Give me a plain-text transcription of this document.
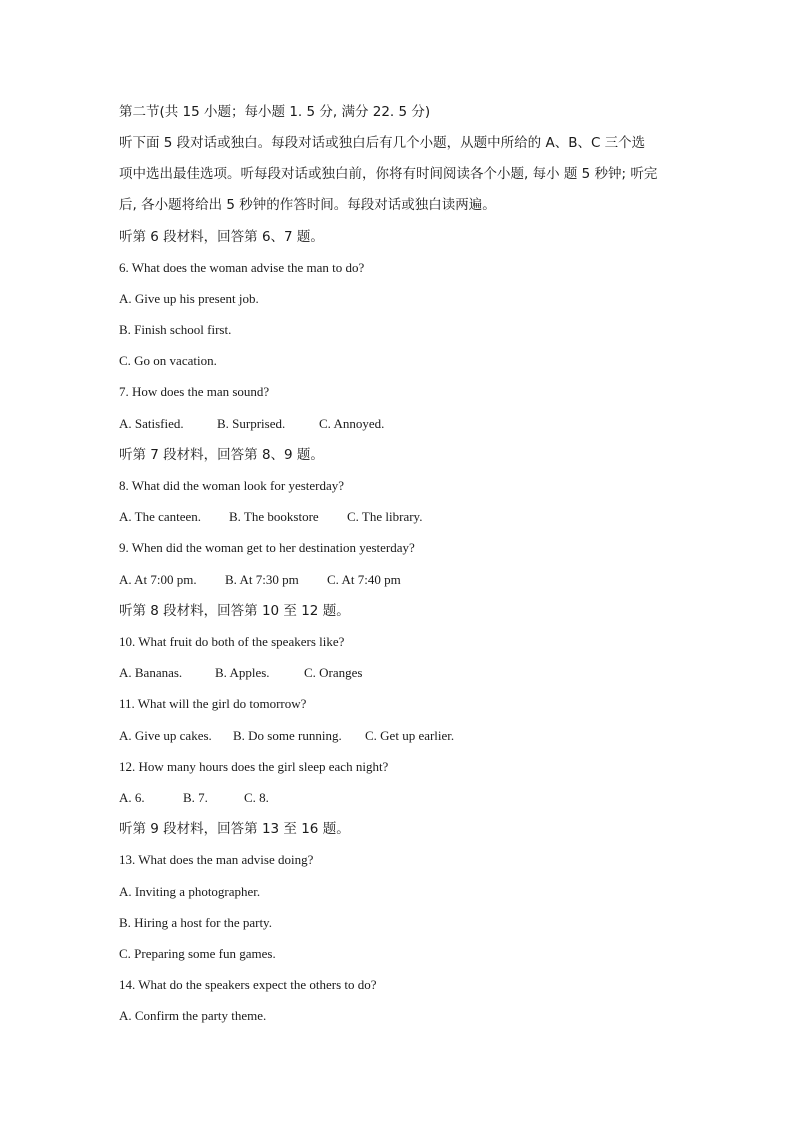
第二节(共 15 小题；每小题 1. 5 分, 满分 22. 5 分)
听下面 5 段对话或独白。每段对话或独白后有几个小题，从题中所给的 A、B、C 三个选
项中选出最佳选项。听每段对话或独白前，你将有时间阅读各个小题, 每小 题 5 秒钟; 听完
后, 各小题将给出 5 秒钟的作答时间。每段对话或独白读两遍。
听第 6 段材料，回答第 6、7 题。
6. What does the woman advise the man to do?
A. Give up his present job.
B. Finish school first.
C. Go on vacation.
7. How does the man sound?
A. Satisfied.	B. Surprised.	C. Annoyed.
听第 7 段材料，回答第 8、9 题。
8. What did the woman look for yesterday?
A. The canteen. B. The bookstore C. The library.
9. When did the woman get to her destination yesterday?
A. At 7:00 pm. B. At 7:30 pm C. At 7:40 pm
听第 8 段材料，回答第 10 至 12 题。
10. What fruit do both of the speakers like?
A. Bananas.	B. Apples.	C. Oranges
11. What will the girl do tomorrow?
A. Give up cakes. B. Do some running. C. Get up earlier.
12. How many hours does the girl sleep each night?
A. 6.	B. 7.	C. 8.
听第 9 段材料，回答第 13 至 16 题。
13. What does the man advise doing?
A. Inviting a photographer.
B. Hiring a host for the party.
C. Preparing some fun games.
14. What do the speakers expect the others to do?
A. Confirm the party theme.
